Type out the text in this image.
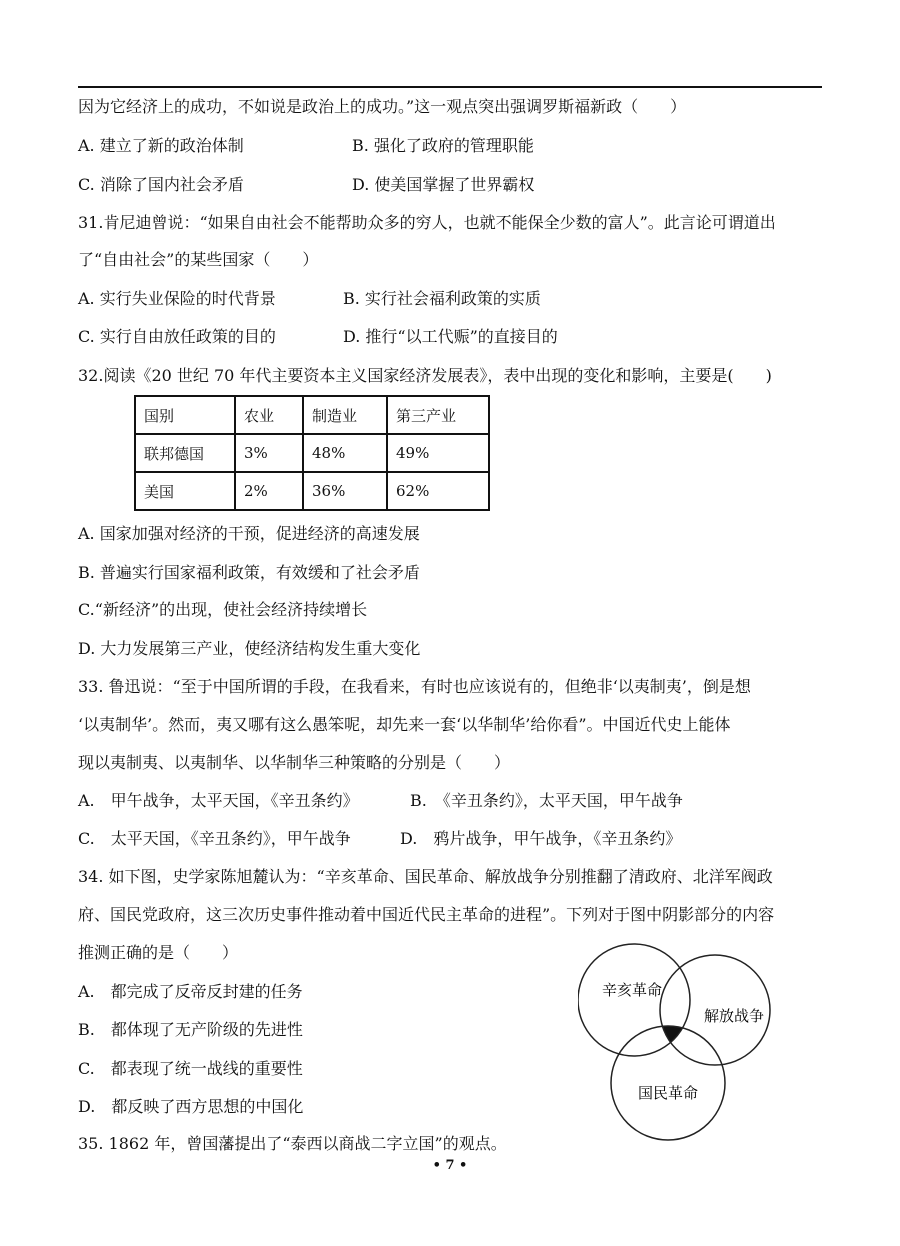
因为它经济上的成功，不如说是政治上的成功。”这一观点突出强调罗斯福新政（　　）
A. 建立了新的政治体制	B. 强化了政府的管理职能
C. 消除了国内社会矛盾	D. 使美国掌握了世界霸权
31.肯尼迪曾说：“如果自由社会不能帮助众多的穷人，也就不能保全少数的富人”。此言论可谓道出
了“自由社会”的某些国家（　　）
A. 实行失业保险的时代背景	B. 实行社会福利政策的实质
C. 实行自由放任政策的目的	D. 推行“以工代赈”的直接目的
32.阅读《20 世纪 70 年代主要资本主义国家经济发展表》，表中出现的变化和影响，主要是(　　)
国别	农业	制造业	第三产业
联邦德国	3%	48%	49%
美国	2%	36%	62%
A. 国家加强对经济的干预，促进经济的高速发展
B. 普遍实行国家福利政策，有效缓和了社会矛盾
C.“新经济”的出现，使社会经济持续增长
D. 大力发展第三产业，使经济结构发生重大变化
33. 鲁迅说：“至于中国所谓的手段，在我看来，有时也应该说有的，但绝非‘以夷制夷’，倒是想
‘以夷制华’。然而，夷又哪有这么愚笨呢，却先来一套‘以华制华’给你看”。中国近代史上能体
现以夷制夷、以夷制华、以华制华三种策略的分别是（　　）
A.　甲午战争，太平天国，《辛丑条约》	B.　《辛丑条约》，太平天国，甲午战争
C.　太平天国，《辛丑条约》，甲午战争	D.　鸦片战争，甲午战争，《辛丑条约》
34. 如下图，史学家陈旭麓认为：“辛亥革命、国民革命、解放战争分别推翻了清政府、北洋军阀政
府、国民党政府，这三次历史事件推动着中国近代民主革命的进程”。下列对于图中阴影部分的内容
推测正确的是（　　）
A.　都完成了反帝反封建的任务
B.　都体现了无产阶级的先进性
C.　都表现了统一战线的重要性
D.　都反映了西方思想的中国化
辛亥革命
解放战争
国民革命
35. 1862 年，曾国藩提出了“泰西以商战二字立国”的观点。
• 7 •
